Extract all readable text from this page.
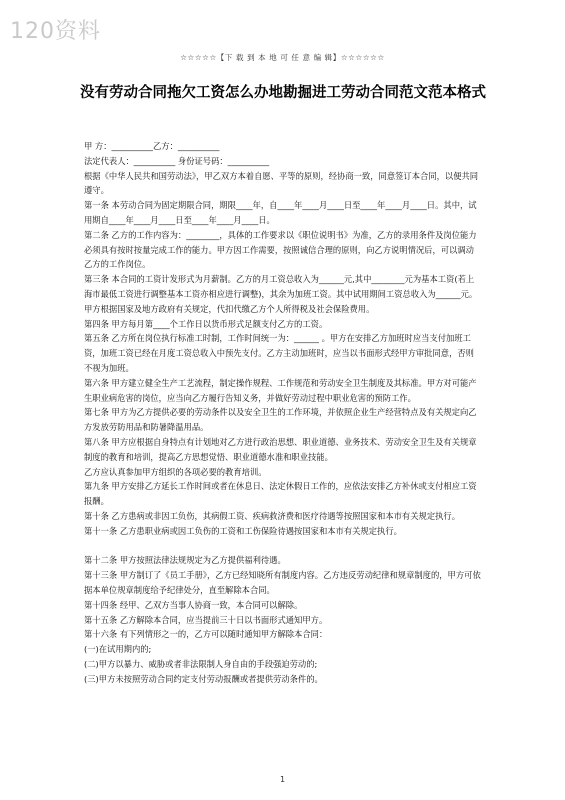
120资料
☆☆☆☆☆【下 载 到 本 地 可 任 意 编 辑】☆☆☆☆☆☆
没有劳动合同拖欠工资怎么办地勘掘进工劳动合同范文范本格式

甲 方：__________乙方：__________

法定代表人：__________ 身份证号码：__________

根据《中华人民共和国劳动法》，甲乙双方本着自愿、平等的原则，经协商一致，同意签订本合同，以便共同遵守。

第一条 本劳动合同为固定期限合同，期限____年，自____年____月____日至____年____月____日。其中，试用期自____年____月____日至____年____月____日。

第二条 乙方的工作内容为：________，具体的工作要求以《职位说明书》为准，乙方的录用条件及岗位能力必须具有按时按量完成工作的能力。甲方因工作需要，按照诚信合理的原则，向乙方说明情况后，可以调动乙方的工作岗位。

第三条 本合同的工资计发形式为月薪制。乙方的月工资总收入为______元,其中________元为基本工资(若上海市最低工资进行调整基本工资亦相应进行调整)，其余为加班工资。其中试用期间工资总收入为______元。甲方根据国家及地方政府有关规定，代扣代缴乙方个人所得税及社会保险费用。

第四条 甲方每月第____个工作日以货币形式足额支付乙方的工资。

第五条 乙方所在岗位执行标准工时制，工作时间统一为：______ 。甲方在安排乙方加班时应当支付加班工资，加班工资已经在月度工资总收入中预先支付。乙方主动加班时，应当以书面形式经甲方审批同意，否则不视为加班。

第六条 甲方建立健全生产工艺流程，制定操作规程、工作规范和劳动安全卫生制度及其标准。甲方对可能产生职业病危害的岗位，应当向乙方履行告知义务，并做好劳动过程中职业危害的预防工作。

第七条 甲方为乙方提供必要的劳动条件以及安全卫生的工作环境，并依照企业生产经营特点及有关规定向乙方发放劳防用品和防暑降温用品。

第八条 甲方应根据自身特点有计划地对乙方进行政治思想、职业道德、业务技术、劳动安全卫生及有关规章制度的教育和培训，提高乙方思想觉悟、职业道德水准和职业技能。

乙方应认真参加甲方组织的各项必要的教育培训。

第九条 甲方安排乙方延长工作时间或者在休息日、法定休假日工作的，应依法安排乙方补休或支付相应工资报酬。

第十条 乙方患病或非因工负伤，其病假工资、疾病救济费和医疗待遇等按照国家和本市有关规定执行。

第十一条 乙方患职业病或因工负伤的工资和工伤保险待遇按国家和本市有关规定执行。

第十二条 甲方按照法律法规规定为乙方提供福利待遇。

第十三条 甲方制订了《员工手册》，乙方已经知晓所有制度内容。乙方违反劳动纪律和规章制度的，甲方可依据本单位规章制度给予纪律处分，直至解除本合同。

第十四条 经甲、乙双方当事人协商一致，本合同可以解除。

第十五条 乙方解除本合同，应当提前三十日以书面形式通知甲方。

第十六条 有下列情形之一的，乙方可以随时通知甲方解除本合同：

(一)在试用期内的;

(二)甲方以暴力、威胁或者非法限制人身自由的手段强迫劳动的;

(三)甲方未按照劳动合同约定支付劳动报酬或者提供劳动条件的。

1
